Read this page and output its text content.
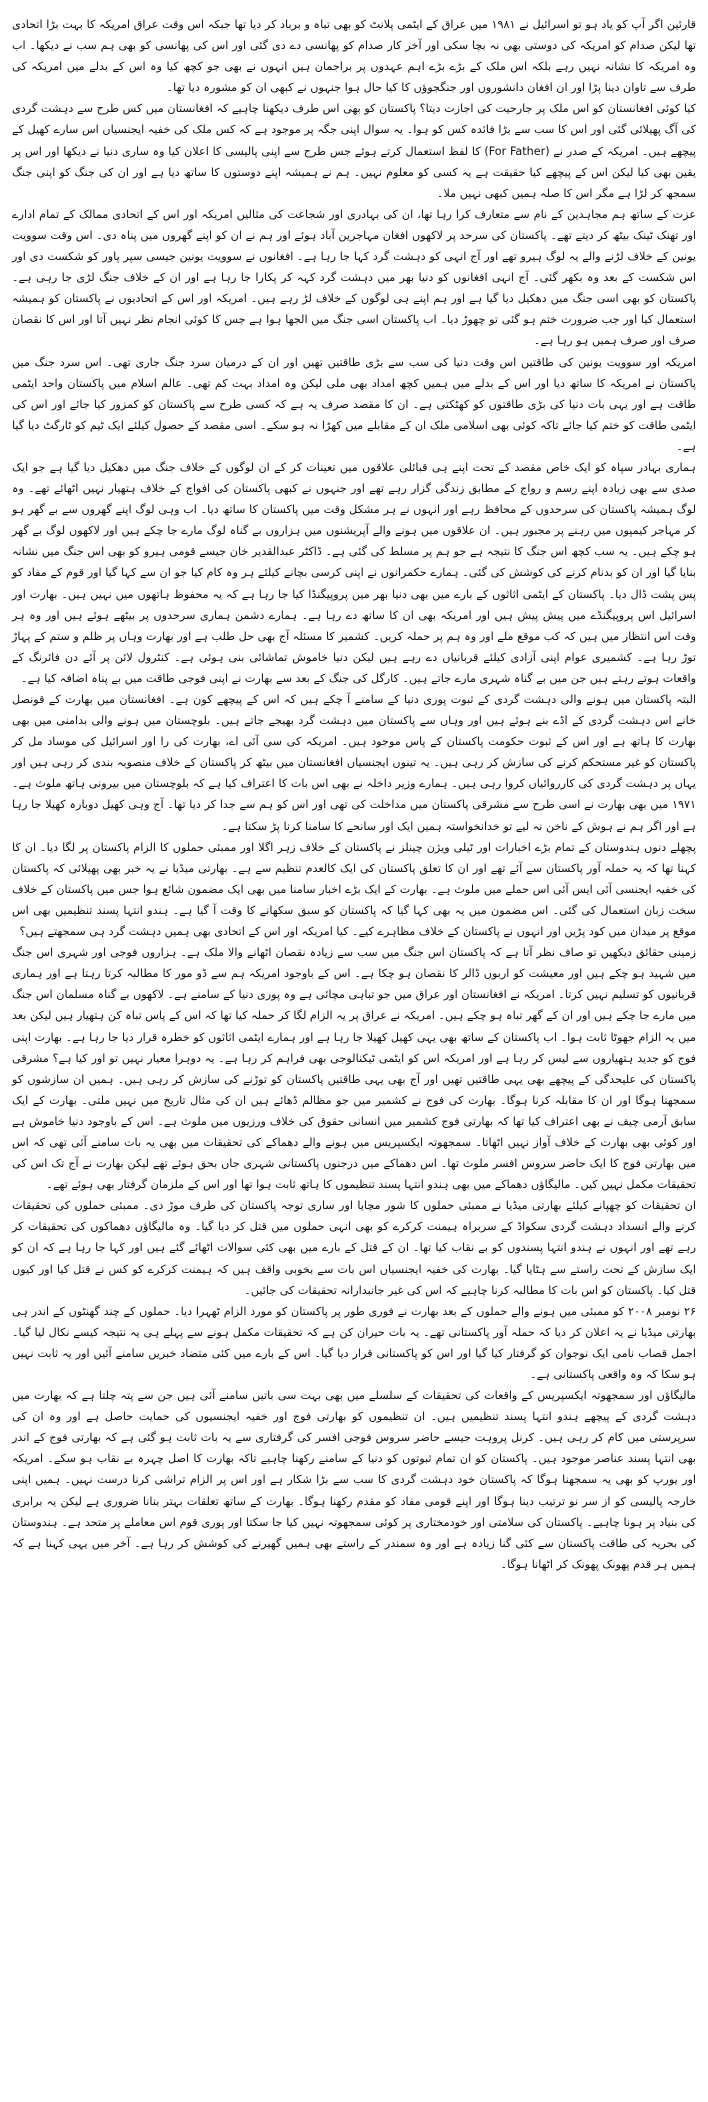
قارئین اگر آپ کو یاد ہو تو اسرائیل نے ۱۹۸۱ میں عراق کے ایٹمی پلانٹ کو بھی تباہ و برباد کر دیا تھا جبکہ اس وقت عراق امریکہ کا بہت بڑا اتحادی تھا لیکن صدام کو امریکہ کی دوستی بھی نہ بچا سکی اور آخر کار صدام کو پھانسی دے دی گئی اور اس کی پھانسی کو بھی ہم سب نے دیکھا۔ اب وہ امریکہ کا نشانہ نہیں رہے بلکہ اس ملک کے بڑے بڑے اہم عہدوں پر براجمان ہیں انہوں نے بھی جو کچھ کیا وہ اس کے بدلے میں امریکہ کی طرف سے تاوان دینا پڑا اور ان افغان دانشوروں اور جنگجوؤں کا کیا حال ہوا جنہوں نے کبھی ان کو مشورہ دیا تھا۔

کیا کوئی افغانستان کو اس ملک پر جارحیت کی اجازت دیتا؟ پاکستان کو بھی اس طرف دیکھنا چاہیے کہ افغانستان میں کس طرح سے دہشت گردی کی آگ پھیلائی گئی اور اس کا سب سے بڑا فائدہ کس کو ہوا۔ یہ سوال اپنی جگہ پر موجود ہے کہ کس ملک کی خفیہ ایجنسیاں اس سارے کھیل کے پیچھے ہیں۔ امریکہ کے صدر نے (For Father) کا لفظ استعمال کرتے ہوئے جس طرح سے اپنی پالیسی کا اعلان کیا وہ ساری دنیا نے دیکھا اور اس پر یقین بھی کیا لیکن اس کے پیچھے کیا حقیقت ہے یہ کسی کو معلوم نہیں۔ ہم نے ہمیشہ اپنے دوستوں کا ساتھ دیا ہے اور ان کی جنگ کو اپنی جنگ سمجھ کر لڑا ہے مگر اس کا صلہ ہمیں کبھی نہیں ملا۔

عزت کے ساتھ ہم مجاہدین کے نام سے متعارف کرا رہا تھا، ان کی بہادری اور شجاعت کی مثالیں امریکہ اور اس کے اتحادی ممالک کے تمام ادارے اور تھنک ٹینک بیٹھ کر دیتے تھے۔ پاکستان کی سرحد پر لاکھوں افغان مہاجرین آباد ہوئے اور ہم نے ان کو اپنے گھروں میں پناہ دی۔ اس وقت سوویت یونین کے خلاف لڑنے والے یہ لوگ ہیرو تھے اور آج انہی کو دہشت گرد کہا جا رہا ہے۔ افغانوں نے سوویت یونین جیسی سپر پاور کو شکست دی اور اس شکست کے بعد وہ بکھر گئی۔ آج انہی افغانوں کو دنیا بھر میں دہشت گرد کہہ کر پکارا جا رہا ہے اور ان کے خلاف جنگ لڑی جا رہی ہے۔ پاکستان کو بھی اسی جنگ میں دھکیل دیا گیا ہے اور ہم اپنے ہی لوگوں کے خلاف لڑ رہے ہیں۔ امریکہ اور اس کے اتحادیوں نے پاکستان کو ہمیشہ استعمال کیا اور جب ضرورت ختم ہو گئی تو چھوڑ دیا۔ اب پاکستان اسی جنگ میں الجھا ہوا ہے جس کا کوئی انجام نظر نہیں آتا اور اس کا نقصان صرف اور صرف ہمیں ہو رہا ہے۔

امریکہ اور سوویت یونین کی طاقتیں اس وقت دنیا کی سب سے بڑی طاقتیں تھیں اور ان کے درمیان سرد جنگ جاری تھی۔ اس سرد جنگ میں پاکستان نے امریکہ کا ساتھ دیا اور اس کے بدلے میں ہمیں کچھ امداد بھی ملی لیکن وہ امداد بہت کم تھی۔ عالم اسلام میں پاکستان واحد ایٹمی طاقت ہے اور یہی بات دنیا کی بڑی طاقتوں کو کھٹکتی ہے۔ ان کا مقصد صرف یہ ہے کہ کسی طرح سے پاکستان کو کمزور کیا جائے اور اس کی ایٹمی طاقت کو ختم کیا جائے تاکہ کوئی بھی اسلامی ملک ان کے مقابلے میں کھڑا نہ ہو سکے۔ اسی مقصد کے حصول کیلئے ایک ٹیم کو ٹارگٹ دیا گیا ہے۔

ہماری بہادر سپاہ کو ایک خاص مقصد کے تحت اپنے ہی قبائلی علاقوں میں تعینات کر کے ان لوگوں کے خلاف جنگ میں دھکیل دیا گیا ہے جو ایک صدی سے بھی زیادہ اپنے رسم و رواج کے مطابق زندگی گزار رہے تھے اور جنہوں نے کبھی پاکستان کی افواج کے خلاف ہتھیار نہیں اٹھائے تھے۔ وہ لوگ ہمیشہ پاکستان کی سرحدوں کے محافظ رہے اور انہوں نے ہر مشکل وقت میں پاکستان کا ساتھ دیا۔ اب وہی لوگ اپنے گھروں سے بے گھر ہو کر مہاجر کیمپوں میں رہنے پر مجبور ہیں۔ ان علاقوں میں ہونے والے آپریشنوں میں ہزاروں بے گناہ لوگ مارے جا چکے ہیں اور لاکھوں لوگ بے گھر ہو چکے ہیں۔ یہ سب کچھ اس جنگ کا نتیجہ ہے جو ہم پر مسلط کی گئی ہے۔ ڈاکٹر عبدالقدیر خان جیسے قومی ہیرو کو بھی اس جنگ میں نشانہ بنایا گیا اور ان کو بدنام کرنے کی کوشش کی گئی۔ ہمارے حکمرانوں نے اپنی کرسی بچانے کیلئے ہر وہ کام کیا جو ان سے کہا گیا اور قوم کے مفاد کو پس پشت ڈال دیا۔ پاکستان کے ایٹمی اثاثوں کے بارے میں بھی دنیا بھر میں پروپیگنڈا کیا جا رہا ہے کہ یہ محفوظ ہاتھوں میں نہیں ہیں۔ بھارت اور اسرائیل اس پروپیگنڈے میں پیش پیش ہیں اور امریکہ بھی ان کا ساتھ دے رہا ہے۔ ہمارے دشمن ہماری سرحدوں پر بیٹھے ہوئے ہیں اور وہ ہر وقت اس انتظار میں ہیں کہ کب موقع ملے اور وہ ہم پر حملہ کریں۔ کشمیر کا مسئلہ آج بھی حل طلب ہے اور بھارت وہاں پر ظلم و ستم کے پہاڑ توڑ رہا ہے۔ کشمیری عوام اپنی آزادی کیلئے قربانیاں دے رہے ہیں لیکن دنیا خاموش تماشائی بنی ہوئی ہے۔ کنٹرول لائن پر آئے دن فائرنگ کے واقعات ہوتے رہتے ہیں جن میں بے گناہ شہری مارے جاتے ہیں۔ کارگل کی جنگ کے بعد سے بھارت نے اپنی فوجی طاقت میں بے پناہ اضافہ کیا ہے۔

البتہ پاکستان میں ہونے والی دہشت گردی کے ثبوت پوری دنیا کے سامنے آ چکے ہیں کہ اس کے پیچھے کون ہے۔ افغانستان میں بھارت کے قونصل خانے اس دہشت گردی کے اڈے بنے ہوئے ہیں اور وہاں سے پاکستان میں دہشت گرد بھیجے جاتے ہیں۔ بلوچستان میں ہونے والی بدامنی میں بھی بھارت کا ہاتھ ہے اور اس کے ثبوت حکومت پاکستان کے پاس موجود ہیں۔ امریکہ کی سی آئی اے، بھارت کی را اور اسرائیل کی موساد مل کر پاکستان کو غیر مستحکم کرنے کی سازش کر رہی ہیں۔ یہ تینوں ایجنسیاں افغانستان میں بیٹھ کر پاکستان کے خلاف منصوبہ بندی کر رہی ہیں اور یہاں پر دہشت گردی کی کارروائیاں کروا رہی ہیں۔ ہمارے وزیر داخلہ نے بھی اس بات کا اعتراف کیا ہے کہ بلوچستان میں بیرونی ہاتھ ملوث ہے۔ ۱۹۷۱ میں بھی بھارت نے اسی طرح سے مشرقی پاکستان میں مداخلت کی تھی اور اس کو ہم سے جدا کر دیا تھا۔ آج وہی کھیل دوبارہ کھیلا جا رہا ہے اور اگر ہم نے ہوش کے ناخن نہ لیے تو خدانخواستہ ہمیں ایک اور سانحے کا سامنا کرنا پڑ سکتا ہے۔

پچھلے دنوں ہندوستان کے تمام بڑے اخبارات اور ٹیلی ویژن چینلز نے پاکستان کے خلاف زہر اگلا اور ممبئی حملوں کا الزام پاکستان پر لگا دیا۔ ان کا کہنا تھا کہ یہ حملہ آور پاکستان سے آئے تھے اور ان کا تعلق پاکستان کی ایک کالعدم تنظیم سے ہے۔ بھارتی میڈیا نے یہ خبر بھی پھیلائی کہ پاکستان کی خفیہ ایجنسی آئی ایس آئی اس حملے میں ملوث ہے۔ بھارت کے ایک بڑے اخبار سامنا میں بھی ایک مضمون شائع ہوا جس میں پاکستان کے خلاف سخت زبان استعمال کی گئی۔ اس مضمون میں یہ بھی کہا گیا کہ پاکستان کو سبق سکھانے کا وقت آ گیا ہے۔ ہندو انتہا پسند تنظیمیں بھی اس موقع پر میدان میں کود پڑیں اور انہوں نے پاکستان کے خلاف مظاہرے کیے۔ کیا امریکہ اور اس کے اتحادی بھی ہمیں دہشت گرد ہی سمجھتے ہیں؟

زمینی حقائق دیکھیں تو صاف نظر آتا ہے کہ پاکستان اس جنگ میں سب سے زیادہ نقصان اٹھانے والا ملک ہے۔ ہزاروں فوجی اور شہری اس جنگ میں شہید ہو چکے ہیں اور معیشت کو اربوں ڈالر کا نقصان ہو چکا ہے۔ اس کے باوجود امریکہ ہم سے ڈو مور کا مطالبہ کرتا رہتا ہے اور ہماری قربانیوں کو تسلیم نہیں کرتا۔ امریکہ نے افغانستان اور عراق میں جو تباہی مچائی ہے وہ پوری دنیا کے سامنے ہے۔ لاکھوں بے گناہ مسلمان اس جنگ میں مارے جا چکے ہیں اور ان کے گھر تباہ ہو چکے ہیں۔ امریکہ نے عراق پر یہ الزام لگا کر حملہ کیا تھا کہ اس کے پاس تباہ کن ہتھیار ہیں لیکن بعد میں یہ الزام جھوٹا ثابت ہوا۔ اب پاکستان کے ساتھ بھی یہی کھیل کھیلا جا رہا ہے اور ہمارے ایٹمی اثاثوں کو خطرہ قرار دیا جا رہا ہے۔ بھارت اپنی فوج کو جدید ہتھیاروں سے لیس کر رہا ہے اور امریکہ اس کو ایٹمی ٹیکنالوجی بھی فراہم کر رہا ہے۔ یہ دوہرا معیار نہیں تو اور کیا ہے؟ مشرقی پاکستان کی علیحدگی کے پیچھے بھی یہی طاقتیں تھیں اور آج بھی یہی طاقتیں پاکستان کو توڑنے کی سازش کر رہی ہیں۔ ہمیں ان سازشوں کو سمجھنا ہوگا اور ان کا مقابلہ کرنا ہوگا۔ بھارت کی فوج نے کشمیر میں جو مظالم ڈھائے ہیں ان کی مثال تاریخ میں نہیں ملتی۔ بھارت کے ایک سابق آرمی چیف نے بھی اعتراف کیا تھا کہ بھارتی فوج کشمیر میں انسانی حقوق کی خلاف ورزیوں میں ملوث ہے۔ اس کے باوجود دنیا خاموش ہے اور کوئی بھی بھارت کے خلاف آواز نہیں اٹھاتا۔ سمجھوتہ ایکسپریس میں ہونے والے دھماکے کی تحقیقات میں بھی یہ بات سامنے آئی تھی کہ اس میں بھارتی فوج کا ایک حاضر سروس افسر ملوث تھا۔ اس دھماکے میں درجنوں پاکستانی شہری جاں بحق ہوئے تھے لیکن بھارت نے آج تک اس کی تحقیقات مکمل نہیں کیں۔ مالیگاؤں دھماکے میں بھی ہندو انتہا پسند تنظیموں کا ہاتھ ثابت ہوا تھا اور اس کے ملزمان گرفتار بھی ہوئے تھے۔

ان تحقیقات کو چھپانے کیلئے بھارتی میڈیا نے ممبئی حملوں کا شور مچایا اور ساری توجہ پاکستان کی طرف موڑ دی۔ ممبئی حملوں کی تحقیقات کرنے والے انسداد دہشت گردی سکواڈ کے سربراہ ہیمنت کرکرے کو بھی انہی حملوں میں قتل کر دیا گیا۔ وہ مالیگاؤں دھماکوں کی تحقیقات کر رہے تھے اور انہوں نے ہندو انتہا پسندوں کو بے نقاب کیا تھا۔ ان کے قتل کے بارے میں بھی کئی سوالات اٹھائے گئے ہیں اور کہا جا رہا ہے کہ ان کو ایک سازش کے تحت راستے سے ہٹایا گیا۔ بھارت کی خفیہ ایجنسیاں اس بات سے بخوبی واقف ہیں کہ ہیمنت کرکرے کو کس نے قتل کیا اور کیوں قتل کیا۔ پاکستان کو اس بات کا مطالبہ کرنا چاہیے کہ اس کی غیر جانبدارانہ تحقیقات کی جائیں۔

۲۶ نومبر ۲۰۰۸ کو ممبئی میں ہونے والے حملوں کے بعد بھارت نے فوری طور پر پاکستان کو مورد الزام ٹھہرا دیا۔ حملوں کے چند گھنٹوں کے اندر ہی بھارتی میڈیا نے یہ اعلان کر دیا کہ حملہ آور پاکستانی تھے۔ یہ بات حیران کن ہے کہ تحقیقات مکمل ہونے سے پہلے ہی یہ نتیجہ کیسے نکال لیا گیا۔ اجمل قصاب نامی ایک نوجوان کو گرفتار کیا گیا اور اس کو پاکستانی قرار دیا گیا۔ اس کے بارے میں کئی متضاد خبریں سامنے آئیں اور یہ ثابت نہیں ہو سکا کہ وہ واقعی پاکستانی ہے۔

مالیگاؤں اور سمجھوتہ ایکسپریس کے واقعات کی تحقیقات کے سلسلے میں بھی بہت سی باتیں سامنے آئی ہیں جن سے پتہ چلتا ہے کہ بھارت میں دہشت گردی کے پیچھے ہندو انتہا پسند تنظیمیں ہیں۔ ان تنظیموں کو بھارتی فوج اور خفیہ ایجنسیوں کی حمایت حاصل ہے اور وہ ان کی سرپرستی میں کام کر رہی ہیں۔ کرنل پروہت جیسے حاضر سروس فوجی افسر کی گرفتاری سے یہ بات ثابت ہو گئی ہے کہ بھارتی فوج کے اندر بھی انتہا پسند عناصر موجود ہیں۔ پاکستان کو ان تمام ثبوتوں کو دنیا کے سامنے رکھنا چاہیے تاکہ بھارت کا اصل چہرہ بے نقاب ہو سکے۔ امریکہ اور یورپ کو بھی یہ سمجھنا ہوگا کہ پاکستان خود دہشت گردی کا سب سے بڑا شکار ہے اور اس پر الزام تراشی کرنا درست نہیں۔ ہمیں اپنی خارجہ پالیسی کو از سر نو ترتیب دینا ہوگا اور اپنے قومی مفاد کو مقدم رکھنا ہوگا۔ بھارت کے ساتھ تعلقات بہتر بنانا ضروری ہے لیکن یہ برابری کی بنیاد پر ہونا چاہیے۔ پاکستان کی سلامتی اور خودمختاری پر کوئی سمجھوتہ نہیں کیا جا سکتا اور پوری قوم اس معاملے پر متحد ہے۔ ہندوستان کی بحریہ کی طاقت پاکستان سے کئی گنا زیادہ ہے اور وہ سمندر کے راستے بھی ہمیں گھیرنے کی کوشش کر رہا ہے۔ آخر میں یہی کہنا ہے کہ ہمیں ہر قدم پھونک پھونک کر اٹھانا ہوگا۔
